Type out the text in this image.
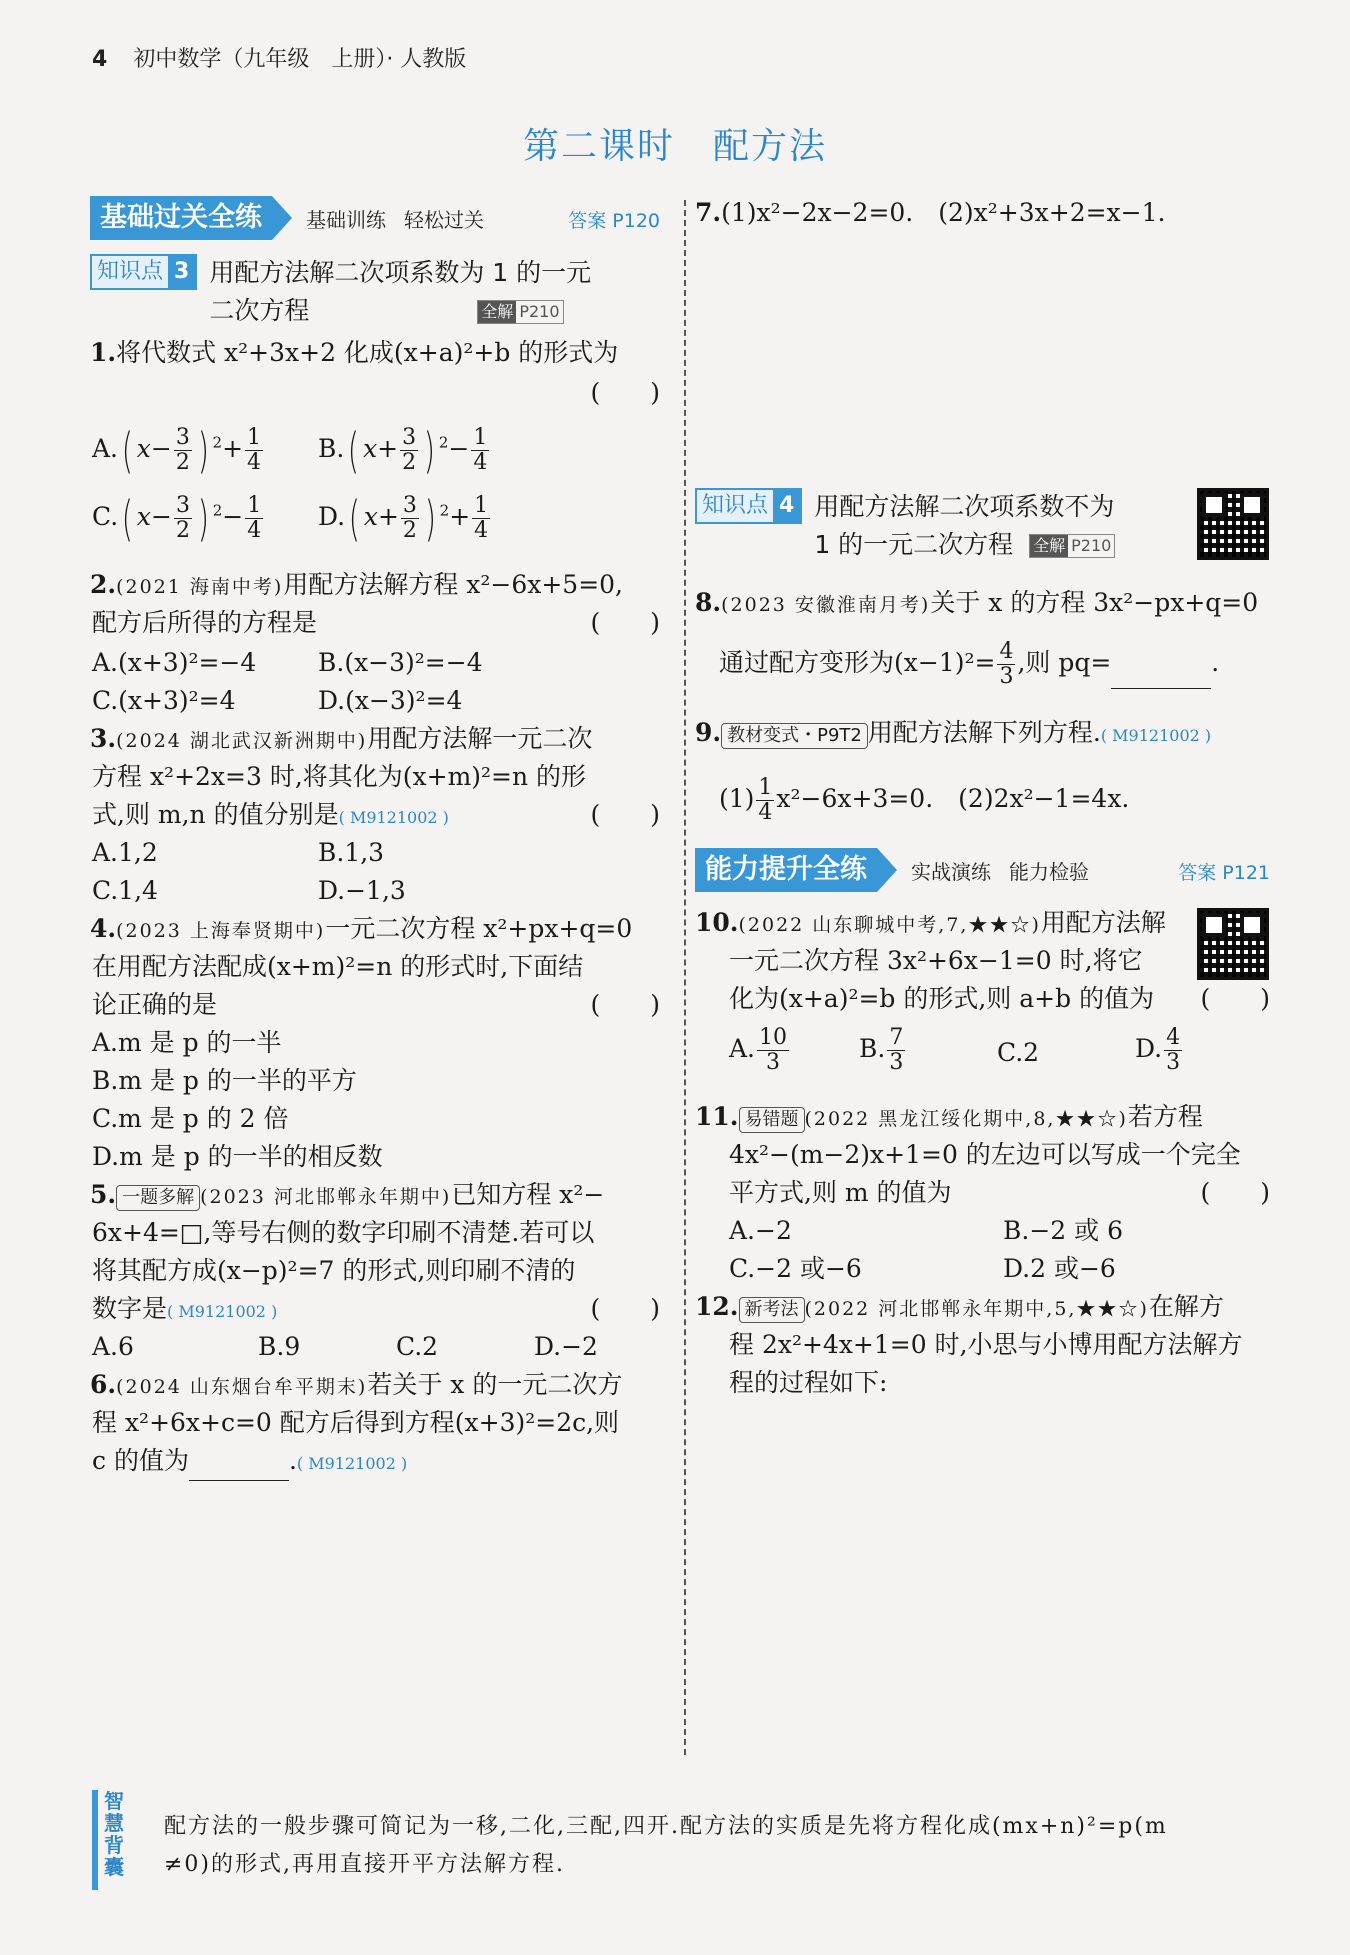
4 初中数学（九年级　上册）· 人教版
第二课时　配方法
基础过关全练	基础训练 轻松过关	答案 P120
知识点 3 用配方法解二次项系数为 1 的一元
二次方程	全解 P210
1.将代数式 x²+3x+2 化成(x+a)²+b 的形式为
(　　)
A.( $x- \frac{3}{2}$ ) $^2+ \frac{1}{4} B$.( $x+ \frac{3}{2}$ ) $^2- \frac{1}{4}$
C.( $x- \frac{3}{2}$ ) $^2- \frac{1}{4} D$.( $x+ \frac{3}{2}$ ) $^2+ \frac{1}{4}$
2.(2021 海南中考)用配方法解方程 x²−6x+5=0,
配方后所得的方程是	(　　)
A.(x+3)²=−4 B.(x−3)²=−4
C.(x+3)²=4	D.(x−3)²=4
3.(2024 湖北武汉新洲期中)用配方法解一元二次
方程 x²+2x=3 时,将其化为(x+m)²=n 的形
式,则 m,n 的值分别是( M9121002 )	(　　)
A.1,2	B.1,3
C.1,4	D.−1,3
4.(2023 上海奉贤期中)一元二次方程 x²+px+q=0
在用配方法配成(x+m)²=n 的形式时,下面结
论正确的是	(　　)
A.m 是 p 的一半
B.m 是 p 的一半的平方
C.m 是 p 的 2 倍
D.m 是 p 的一半的相反数
5. 一题多解 (2023 河北邯郸永年期中)已知方程 x²−
6x+4=□,等号右侧的数字印刷不清楚.若可以
将其配方成(x−p)²=7 的形式,则印刷不清的
数字是( M9121002 )	(　　)
A.6	B.9	C.2	D.−2
6.(2024 山东烟台牟平期末)若关于 x 的一元二次方
程 x²+6x+c=0 配方后得到方程(x+3)²=2c,则
c 的值为	.( M9121002 )
7.(1)x²−2x−2=0.　 (2)x²+3x+2=x−1.
知识点 4 用配方法解二次项系数不为
1 的一元二次方程 全解 P210
8.(2023 安徽淮南月考)关于 x 的方程 3x²−px+q=0
通过配方变形为$(x-1)^2= \frac{4}{3}$ ,则 pq=	.
9. 教材变式・P9T2 用配方法解下列方程.( M9121002 )
$(1) \frac{1}{4} x^2-6x+3=0$.　 (2)2x²−1=4x.
能力提升全练	实战演练 能力检验	答案 P121
10.(2022 山东聊城中考,7,★★☆)用配方法解
一元二次方程 3x²+6x−1=0 时,将它
化为(x+a)²=b 的形式,则 a+b 的值为 (　　)
A. $\frac{10}{3}$	B. $\frac{7}{3}$	C.2	D. $\frac{4}{3}$
11. 易错题 (2022 黑龙江绥化期中,8,★★☆)若方程
4x²−(m−2)x+1=0 的左边可以写成一个完全
平方式,则 m 的值为	(　　)
A.−2	B.−2 或 6
C.−2 或−6	D.2 或−6
12. 新考法 (2022 河北邯郸永年期中,5,★★☆)在解方
程 2x²+4x+1=0 时,小思与小博用配方法解方
程的过程如下:
智慧背囊
配方法的一般步骤可简记为一移,二化,三配,四开.配方法的实质是先将方程化成(mx+n)²=p(m
≠0)的形式,再用直接开平方法解方程.
